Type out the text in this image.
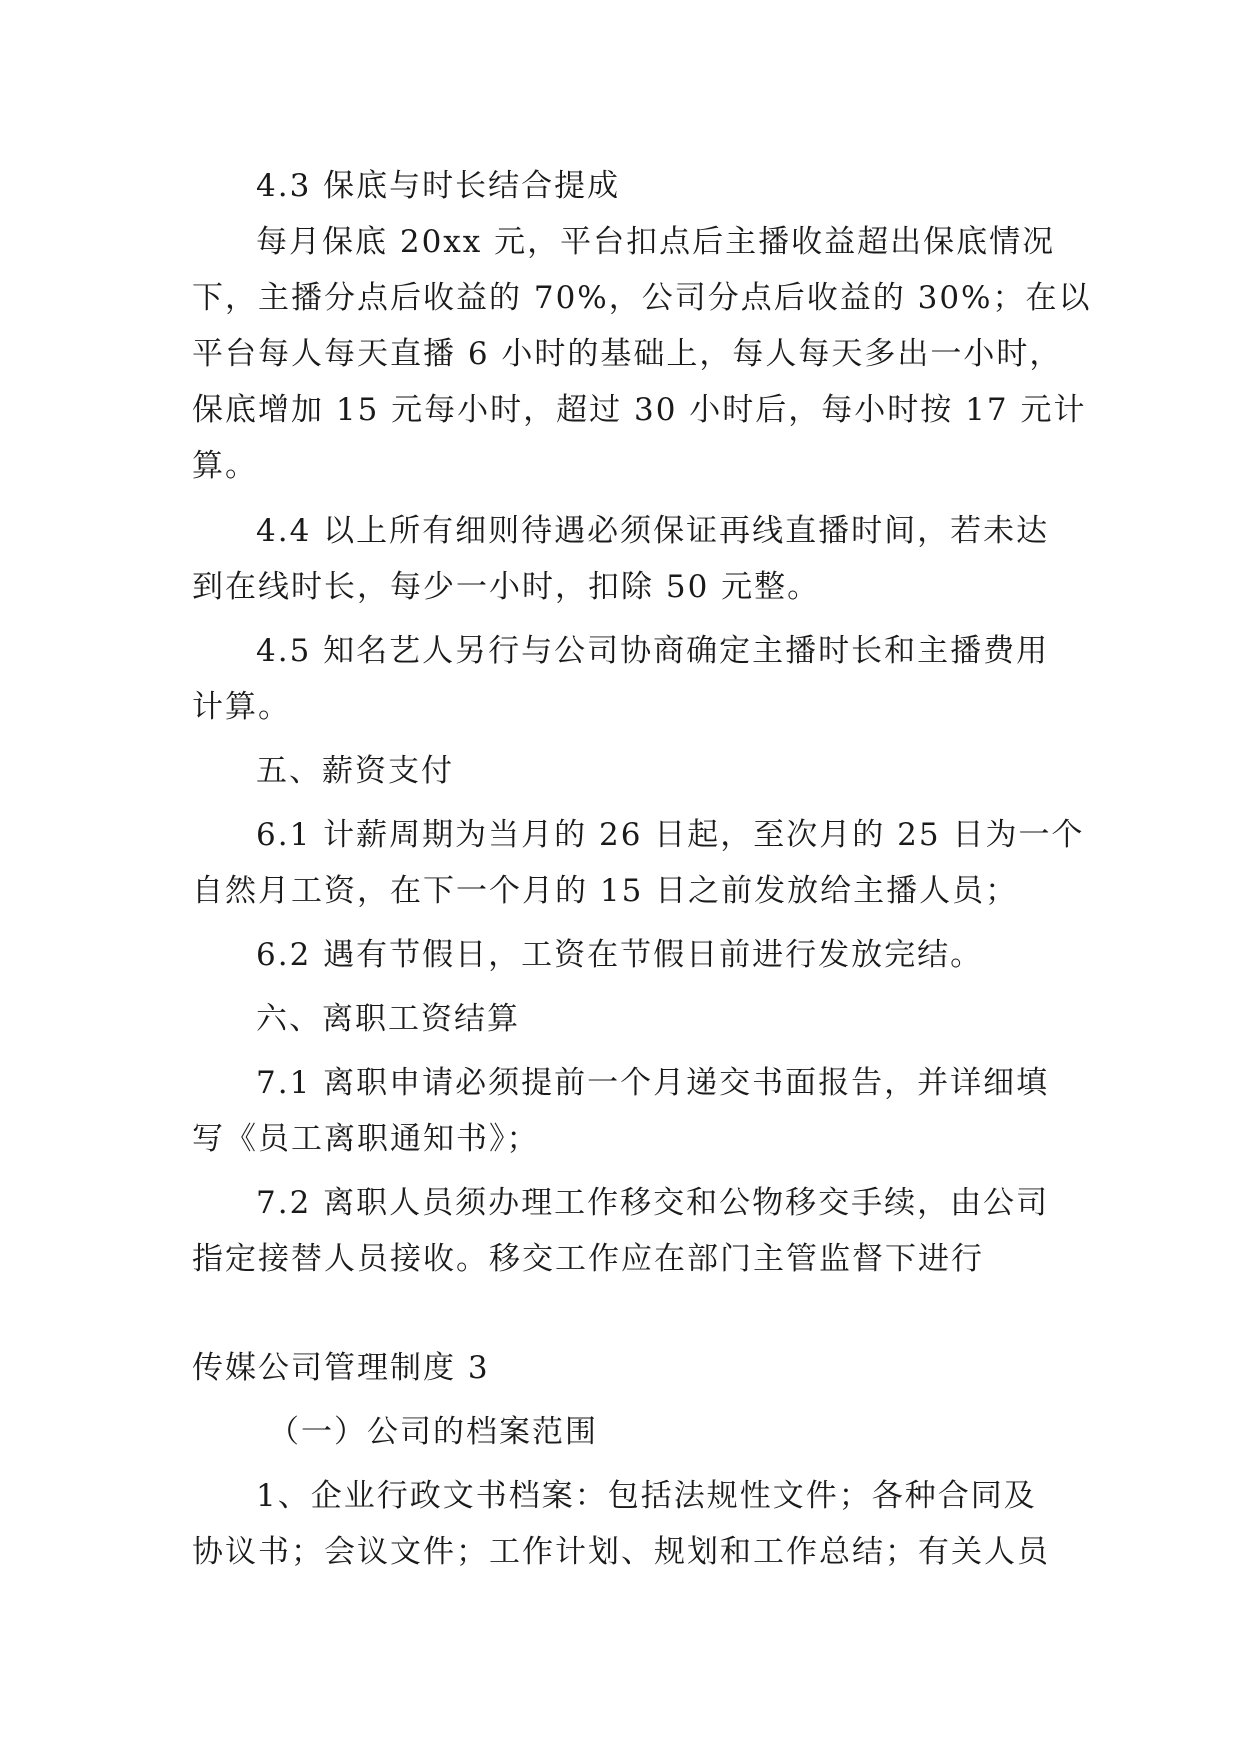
4.3 保底与时长结合提成
每月保底 20xx 元，平台扣点后主播收益超出保底情况
下，主播分点后收益的 70%，公司分点后收益的 30%；在以
平台每人每天直播 6 小时的基础上，每人每天多出一小时，
保底增加 15 元每小时，超过 30 小时后，每小时按 17 元计
算。
4.4 以上所有细则待遇必须保证再线直播时间，若未达
到在线时长，每少一小时，扣除 50 元整。
4.5 知名艺人另行与公司协商确定主播时长和主播费用
计算。
五、薪资支付
6.1 计薪周期为当月的 26 日起，至次月的 25 日为一个
自然月工资，在下一个月的 15 日之前发放给主播人员；
6.2 遇有节假日，工资在节假日前进行发放完结。
六、离职工资结算
7.1 离职申请必须提前一个月递交书面报告，并详细填
写《员工离职通知书》；
7.2 离职人员须办理工作移交和公物移交手续，由公司
指定接替人员接收。移交工作应在部门主管监督下进行
传媒公司管理制度 3
（一）公司的档案范围
1、企业行政文书档案：包括法规性文件；各种合同及
协议书；会议文件；工作计划、规划和工作总结；有关人员
